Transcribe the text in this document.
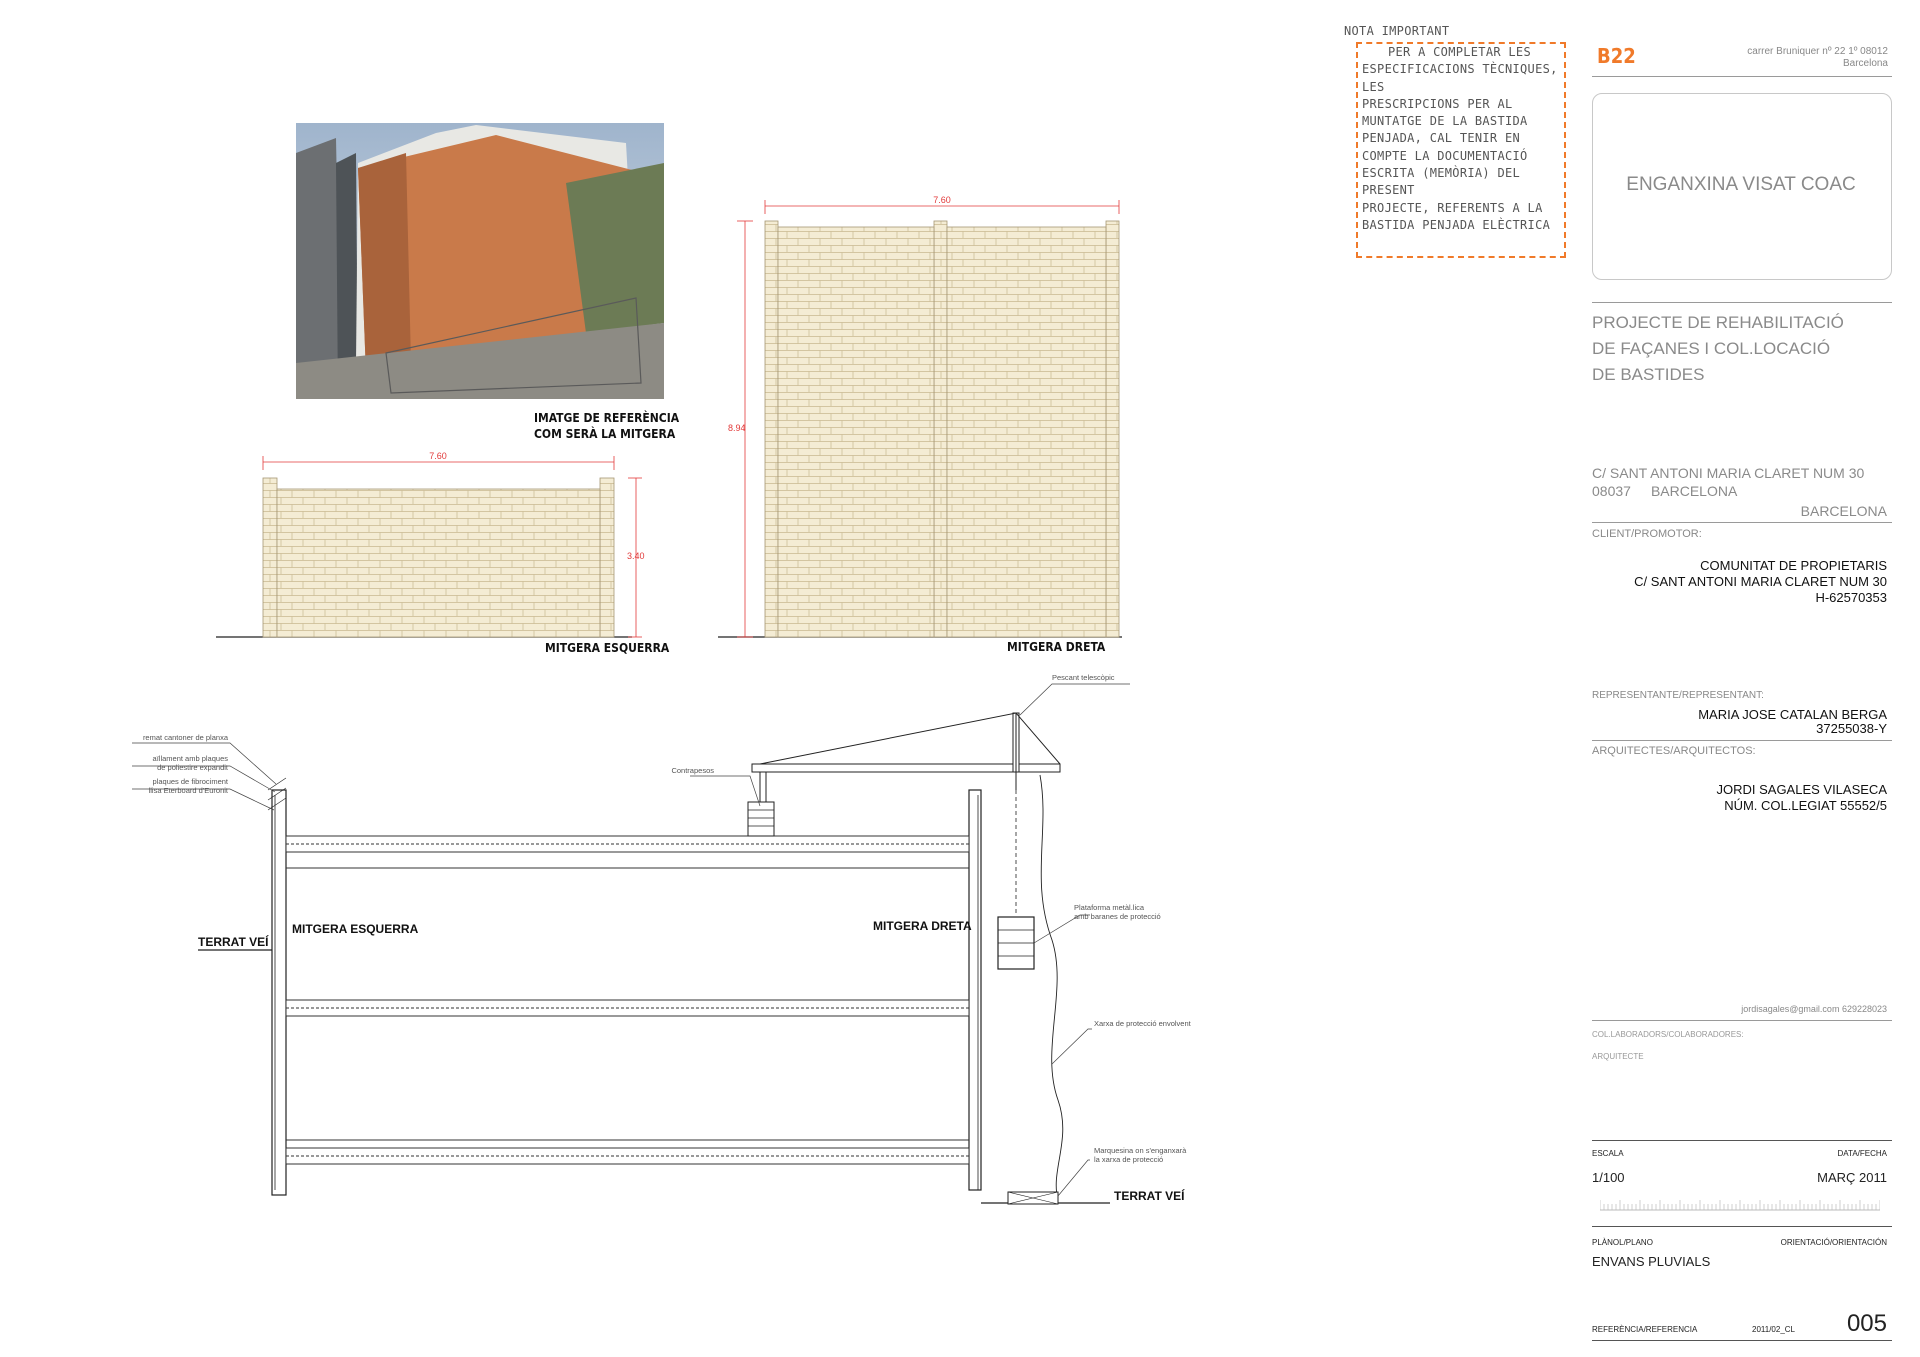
IMATGE DE REFERÈNCIA
COM SERÀ LA MITGERA
7.60
3.40
7.60
8.94
MITGERA ESQUERRA	MITGERA DRETA
remat cantoner de planxa
aïllament amb plaques
de poliestire expandit
plaques de fibrociment
llisa Eterboard d'Euronit
Contrapesos
Pescant telescòpic
Plataforma metàl.lica
amb baranes de protecció
Xarxa de protecció envolvent
Marquesina on s'enganxarà
la xarxa de protecció
TERRAT VEÍ
MITGERA ESQUERRA	MITGERA DRETA
TERRAT VEÍ
NOTA IMPORTANT
PER A COMPLETAR LES
ESPECIFICACIONS TÈCNIQUES, LES
PRESCRIPCIONS PER AL
MUNTATGE DE LA BASTIDA
PENJADA, CAL TENIR EN
COMPTE LA DOCUMENTACIÓ
ESCRITA (MEMÒRIA) DEL PRESENT
PROJECTE, REFERENTS A LA
BASTIDA PENJADA ELÈCTRICA
B22	carrer Bruniquer nº 22 1º 08012
Barcelona
ENGANXINA VISAT COAC
PROJECTE DE REHABILITACIÓ
DE FAÇANES I COL.LOCACIÓ
DE BASTIDES
C/ SANT ANTONI MARIA CLARET NUM 30
08037 BARCELONA
BARCELONA
CLIENT/PROMOTOR:
COMUNITAT DE PROPIETARIS
C/ SANT ANTONI MARIA CLARET NUM 30
H-62570353
REPRESENTANTE/REPRESENTANT:
MARIA JOSE CATALAN BERGA
37255038-Y
ARQUITECTES/ARQUITECTOS:
JORDI SAGALES VILASECA
NÚM. COL.LEGIAT 55552/5
jordisagales@gmail.com 629228023
COL.LABORADORS/COLABORADORES:
ARQUITECTE
ESCALA	DATA/FECHA
1/100	MARÇ 2011
PLÀNOL/PLANO	ORIENTACIÓ/ORIENTACIÓN
ENVANS PLUVIALS
REFERÈNCIA/REFERENCIA	2011/02_CL	005
